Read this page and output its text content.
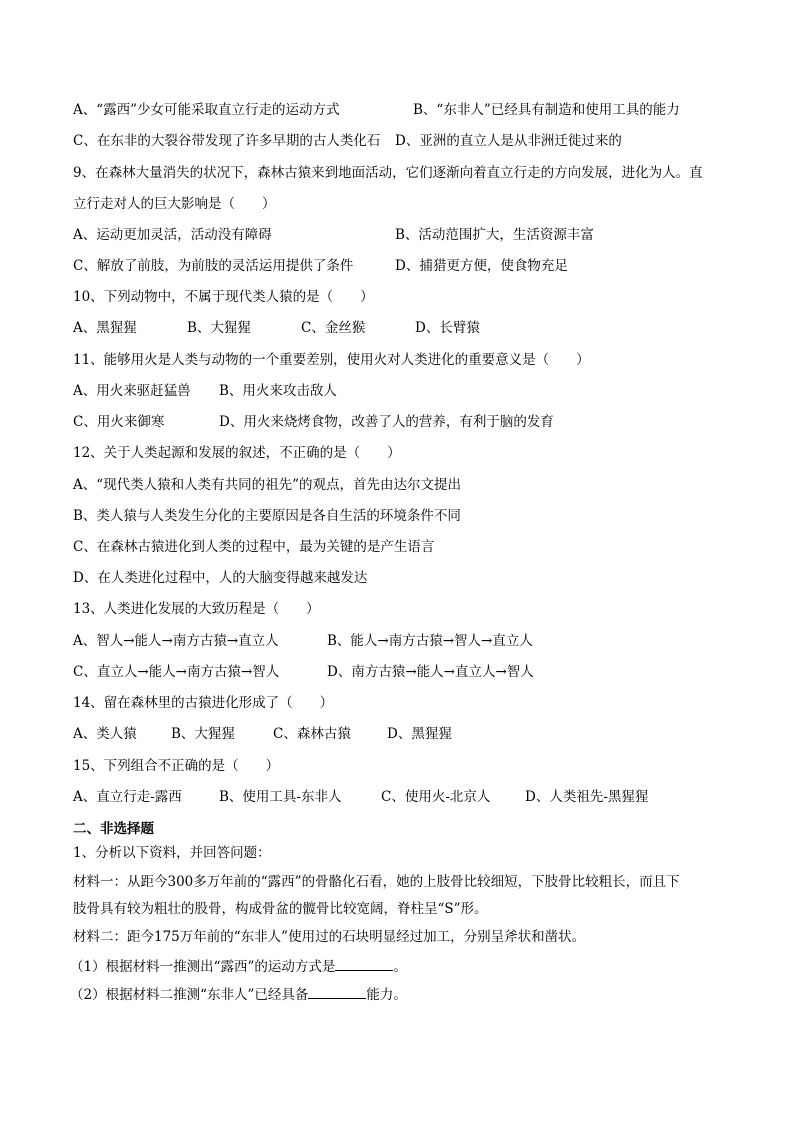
A、“露西”少女可能采取直立行走的运动方式	B、“东非人”已经具有制造和使用工具的能力
C、在东非的大裂谷带发现了许多早期的古人类化石 D、亚洲的直立人是从非洲迁徙过来的
9、在森林大量消失的状况下，森林古猿来到地面活动，它们逐渐向着直立行走的方向发展，进化为人。直
立行走对人的巨大影响是（　　）
A、运动更加灵活，活动没有障碍	B、活动范围扩大，生活资源丰富
C、解放了前肢，为前肢的灵活运用提供了条件	D、捕猎更方便，使食物充足
10、下列动物中，不属于现代类人猿的是（　　）
A、黑猩猩	B、大猩猩	C、金丝猴	D、长臂猿
11、能够用火是人类与动物的一个重要差别，使用火对人类进化的重要意义是（　　）
A、用火来驱赶猛兽 B、用火来攻击敌人
C、用火来御寒	D、用火来烧烤食物，改善了人的营养，有利于脑的发育
12、关于人类起源和发展的叙述，不正确的是（　　）
A、“现代类人猿和人类有共同的祖先”的观点，首先由达尔文提出
B、类人猿与人类发生分化的主要原因是各自生活的环境条件不同
C、在森林古猿进化到人类的过程中，最为关键的是产生语言
D、在人类进化过程中，人的大脑变得越来越发达
13、人类进化发展的大致历程是（　　）
A、智人→能人→南方古猿→直立人	B、能人→南方古猿→智人→直立人
C、直立人→能人→南方古猿→智人	D、南方古猿→能人→直立人→智人
14、留在森林里的古猿进化形成了（　　）
A、类人猿	B、大猩猩	C、森林古猿	D、黑猩猩
15、下列组合不正确的是（　　）
A、直立行走-露西	B、使用工具-东非人	C、使用火-北京人	D、人类祖先-黑猩猩
二、非选择题
1、分析以下资料，并回答问题：
材料一：从距今300多万年前的“露西”的骨骼化石看，她的上肢骨比较细短，下肢骨比较粗长，而且下
肢骨具有较为粗壮的股骨，构成骨盆的髋骨比较宽阔，脊柱呈“S”形。
材料二：距今175万年前的“东非人”使用过的石块明显经过加工，分别呈斧状和凿状。
（1）根据材料一推测出“露西”的运动方式是	。
（2）根据材料二推测“东非人”已经具备	能力。
